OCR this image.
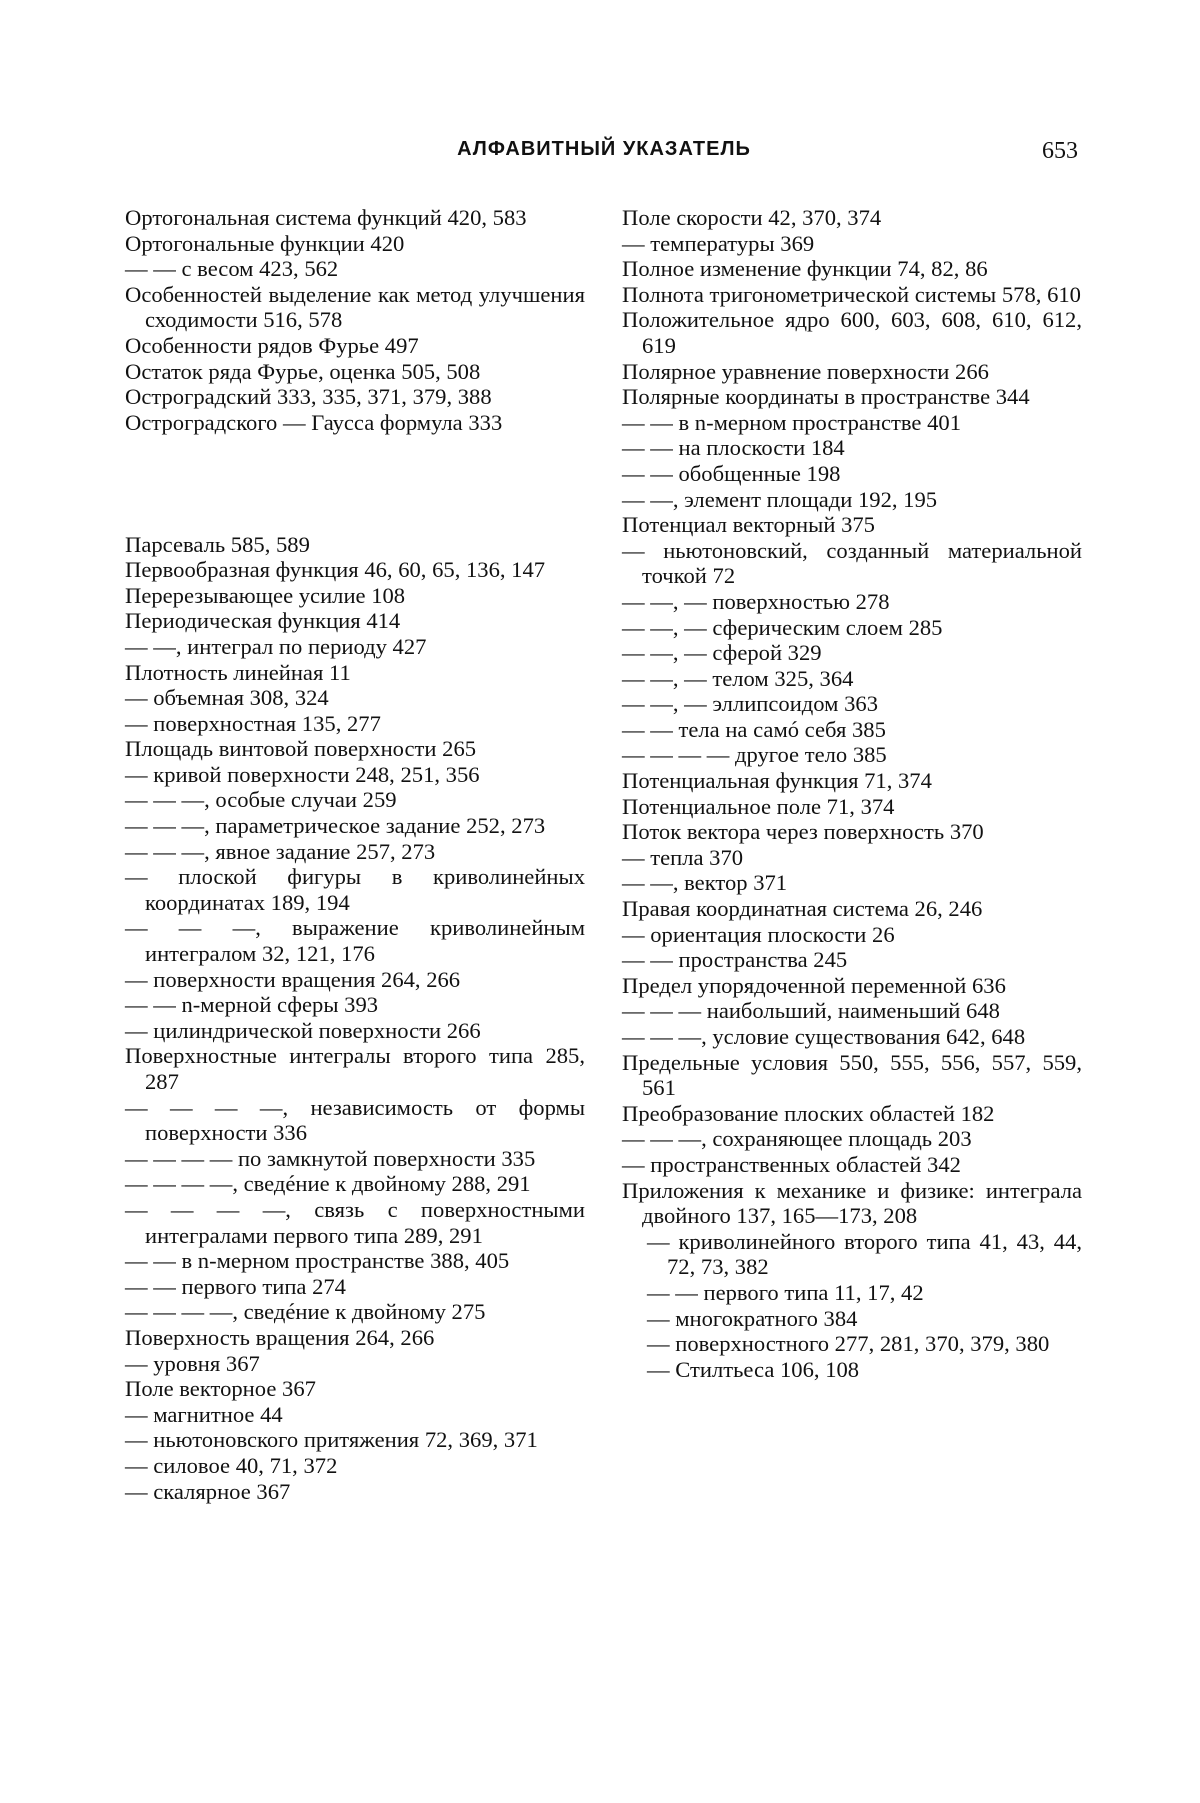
АЛФАВИТНЫЙ УКАЗАТЕЛЬ	653

Ортогональная система функций 420, 583

Ортогональные функции 420

— — с весом 423, 562

Особенностей выделение как метод улучшения сходимости 516, 578

Особенности рядов Фурье 497

Остаток ряда Фурье, оценка 505, 508

Остроградский 333, 335, 371, 379, 388

Остроградского — Гаусса формула 333

Парсеваль 585, 589

Первообразная функция 46, 60, 65, 136, 147

Перерезывающее усилие 108

Периодическая функция 414

— —, интеграл по периоду 427

Плотность линейная 11

— объемная 308, 324

— поверхностная 135, 277

Площадь винтовой поверхности 265

— кривой поверхности 248, 251, 356

— — —, особые случаи 259

— — —, параметрическое задание 252, 273

— — —, явное задание 257, 273

— плоской фигуры в криволинейных координатах 189, 194

— — —, выражение криволинейным интегралом 32, 121, 176

— поверхности вращения 264, 266

— — n-мерной сферы 393

— цилиндрической поверхности 266

Поверхностные интегралы второго типа 285, 287

— — — —, независимость от формы поверхности 336

— — — — по замкнутой поверхности 335

— — — —, сведéние к двойному 288, 291

— — — —, связь с поверхностными интегралами первого типа 289, 291

— — в n-мерном пространстве 388, 405

— — первого типа 274

— — — —, сведéние к двойному 275

Поверхность вращения 264, 266

— уровня 367

Поле векторное 367

— магнитное 44

— ньютоновского притяжения 72, 369, 371

— силовое 40, 71, 372

— скалярное 367

Поле скорости 42, 370, 374

— температуры 369

Полное изменение функции 74, 82, 86

Полнота тригонометрической системы 578, 610

Положительное ядро 600, 603, 608, 610, 612, 619

Полярное уравнение поверхности 266

Полярные координаты в пространстве 344

— — в n-мерном пространстве 401

— — на плоскости 184

— — обобщенные 198

— —, элемент площади 192, 195

Потенциал векторный 375

— ньютоновский, созданный материальной точкой 72

— —, — поверхностью 278

— —, — сферическим слоем 285

— —, — сферой 329

— —, — телом 325, 364

— —, — эллипсоидом 363

— — тела на самó себя 385

— — — — другое тело 385

Потенциальная функция 71, 374

Потенциальное поле 71, 374

Поток вектора через поверхность 370

— тепла 370

— —, вектор 371

Правая координатная система 26, 246

— ориентация плоскости 26

— — пространства 245

Предел упорядоченной переменной 636

— — — наибольший, наименьший 648

— — —, условие существования 642, 648

Предельные условия 550, 555, 556, 557, 559, 561

Преобразование плоских областей 182

— — —, сохраняющее площадь 203

— пространственных областей 342

Приложения к механике и физике: интеграла двойного 137, 165—173, 208

— криволинейного второго типа 41, 43, 44, 72, 73, 382

— — первого типа 11, 17, 42

— многократного 384

— поверхностного 277, 281, 370, 379, 380

— Стилтьеса 106, 108
